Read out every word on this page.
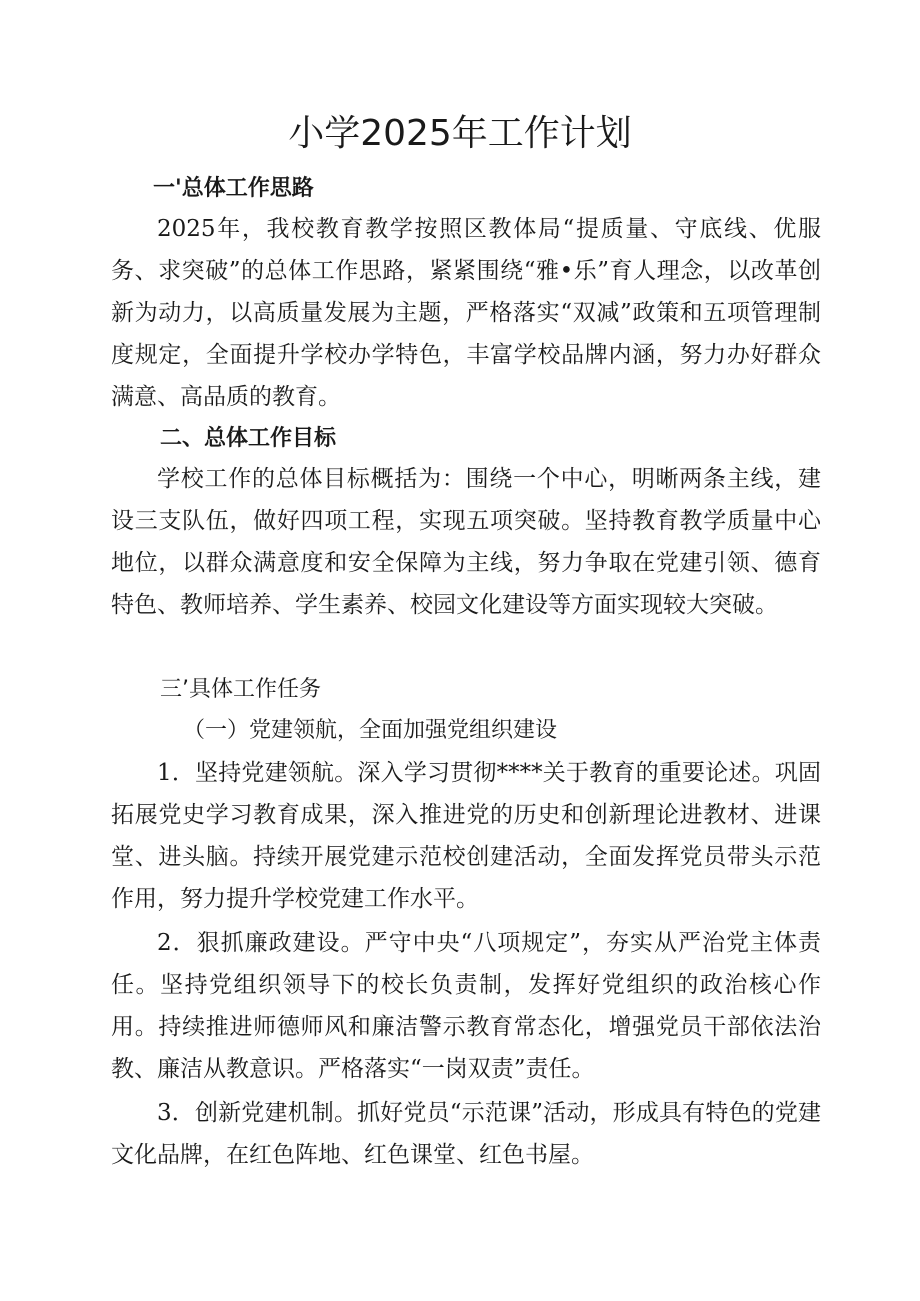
小学2025年工作计划
一'总体工作思路

2025年，我校教育教学按照区教体局“提质量、守底线、优服务、求突破”的总体工作思路，紧紧围绕“雅•乐”育人理念，以改革创新为动力，以高质量发展为主题，严格落实“双减”政策和五项管理制度规定，全面提升学校办学特色，丰富学校品牌内涵，努力办好群众满意、高品质的教育。

二、总体工作目标

学校工作的总体目标概括为：围绕一个中心，明晰两条主线，建设三支队伍，做好四项工程，实现五项突破。坚持教育教学质量中心地位，以群众满意度和安全保障为主线，努力争取在党建引领、德育特色、教师培养、学生素养、校园文化建设等方面实现较大突破。

三’具体工作任务
（一）党建领航，全面加强党组织建设

1．坚持党建领航。深入学习贯彻****关于教育的重要论述。巩固拓展党史学习教育成果，深入推进党的历史和创新理论进教材、进课堂、进头脑。持续开展党建示范校创建活动，全面发挥党员带头示范作用，努力提升学校党建工作水平。

2．狠抓廉政建设。严守中央“八项规定”，夯实从严治党主体责任。坚持党组织领导下的校长负责制，发挥好党组织的政治核心作用。持续推进师德师风和廉洁警示教育常态化，增强党员干部依法治教、廉洁从教意识。严格落实“一岗双责”责任。

3．创新党建机制。抓好党员“示范课”活动，形成具有特色的党建文化品牌，在红色阵地、红色课堂、红色书屋。
